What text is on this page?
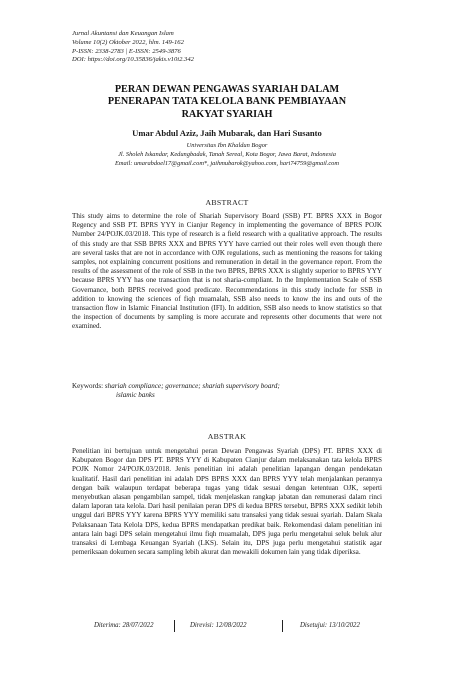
Jurnal Akuntansi dan Keuangan Islam
Volume 10(2) Oktober 2022, hlm. 149-162
P-ISSN: 2338-2783 | E-ISSN: 2549-3876
DOI: https://doi.org/10.35836/jakis.v10i2.342
PERAN DEWAN PENGAWAS SYARIAH DALAM
PENERAPAN TATA KELOLA BANK PEMBIAYAAN
RAKYAT SYARIAH
Umar Abdul Aziz, Jaih Mubarak, dan Hari Susanto
Universitas Ibn Khaldun Bogor
Jl. Sholeh Iskandar, Kedungbadak, Tanah Sereal, Kota Bogor, Jawa Barat, Indonesia
Email: umarabdoel17@gmail.com*, jaihmubarok@yahoo.com, hari74759@gmail.com
ABSTRACT
This study aims to determine the role of Shariah Supervisory Board (SSB) PT. BPRS XXX in Bogor Regency and SSB PT. BPRS YYY in Cianjur Regency in implementing the governance of BPRS POJK Number 24/POJK.03/2018. This type of research is a field research with a qualitative approach. The results of this study are that SSB BPRS XXX and BPRS YYY have carried out their roles well even though there are several tasks that are not in accordance with OJK regulations, such as mentioning the reasons for taking samples, not explaining concurrent positions and remuneration in detail in the governance report. From the results of the assessment of the role of SSB in the two BPRS, BPRS XXX is slightly superior to BPRS YYY because BPRS YYY has one transaction that is not sharia-compliant. In the Implementation Scale of SSB Governance, both BPRS received good predicate. Recommendations in this study include for SSB in addition to knowing the sciences of fiqh muamalah, SSB also needs to know the ins and outs of the transaction flow in Islamic Financial Institution (IFI). In addition, SSB also needs to know statistics so that the inspection of documents by sampling is more accurate and represents other documents that were not examined.
Keywords: shariah compliance; governance; shariah supervisory board;
islamic banks
ABSTRAK
Penelitian ini bertujuan untuk mengetahui peran Dewan Pengawas Syariah (DPS) PT. BPRS XXX di Kabupaten Bogor dan DPS PT. BPRS YYY di Kabupaten Cianjur dalam melaksanakan tata kelola BPRS POJK Nomor 24/POJK.03/2018. Jenis penelitian ini adalah penelitian lapangan dengan pendekatan kualitatif. Hasil dari penelitian ini adalah DPS BPRS XXX dan BPRS YYY telah menjalankan perannya dengan baik walaupun terdapat beberapa tugas yang tidak sesuai dengan ketentuan OJK, seperti menyebutkan alasan pengambilan sampel, tidak menjelaskan rangkap jabatan dan remunerasi dalam rinci dalam laporan tata kelola. Dari hasil penilaian peran DPS di kedua BPRS tersebut, BPRS XXX sedikit lebih unggul dari BPRS YYY karena BPRS YYY memiliki satu transaksi yang tidak sesuai syariah. Dalam Skala Pelaksanaan Tata Kelola DPS, kedua BPRS mendapatkan predikat baik. Rekomendasi dalam penelitian ini antara lain bagi DPS selain mengetahui ilmu fiqh muamalah, DPS juga perlu mengetahui seluk beluk alur transaksi di Lembaga Keuangan Syariah (LKS). Selain itu, DPS juga perlu mengetahui statistik agar pemeriksaan dokumen secara sampling lebih akurat dan mewakili dokumen lain yang tidak diperiksa.
Diterima: 28/07/2022	Direvisi: 12/08/2022	Disetujui: 13/10/2022
